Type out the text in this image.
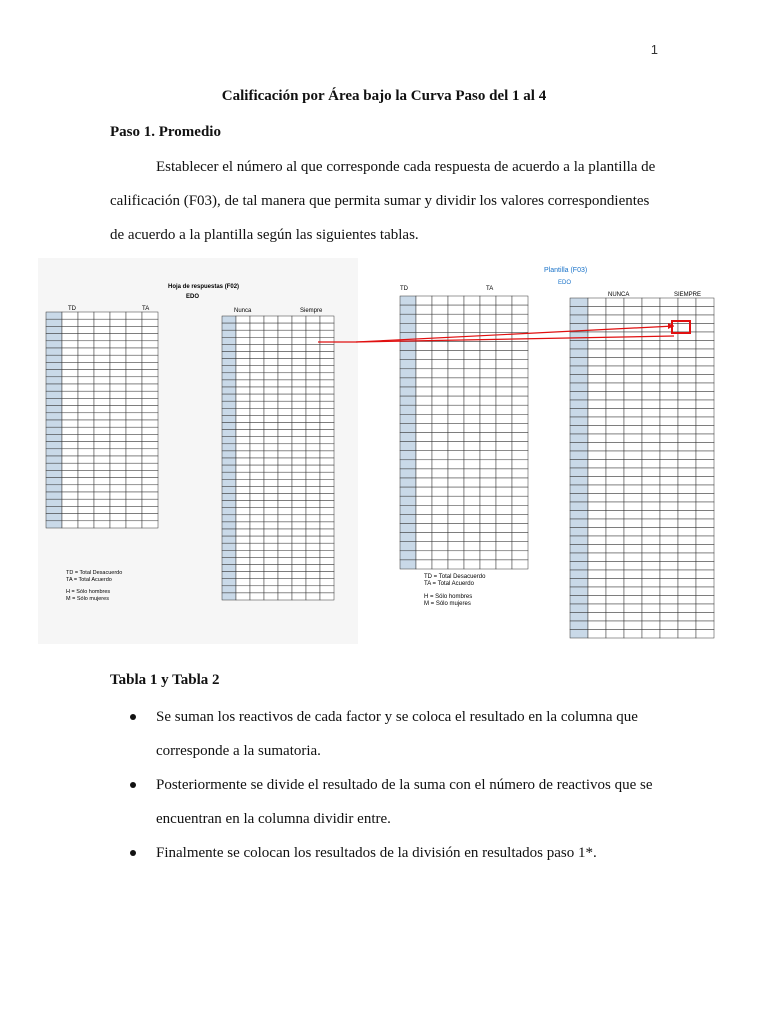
1
Calificación por Área bajo la Curva Paso del 1 al 4
Paso 1. Promedio
Establecer el número al que corresponde cada respuesta de acuerdo a la plantilla de calificación (F03), de tal manera que permita sumar y dividir los valores correspondientes de acuerdo a la plantilla según las siguientes tablas.
Hoja de respuestas (F02)
EDO
TD	TA	Nunca	Siempre
TD = Total Desacuerdo
TA = Total Acuerdo
H = Sólo hombres
M = Sólo mujeres
TD	TA
Plantilla (F03)
EDO
NUNCA	SIEMPRE
TD = Total Desacuerdo
TA = Total Acuerdo
H = Sólo hombres
M = Sólo mujeres
Tabla 1 y Tabla 2
Se suman los reactivos de cada factor y se coloca el resultado en la columna que corresponde a la sumatoria.
Posteriormente se divide el resultado de la suma con el número de reactivos que se encuentran en la columna dividir entre.
Finalmente se colocan los resultados de la división en resultados paso 1*.
